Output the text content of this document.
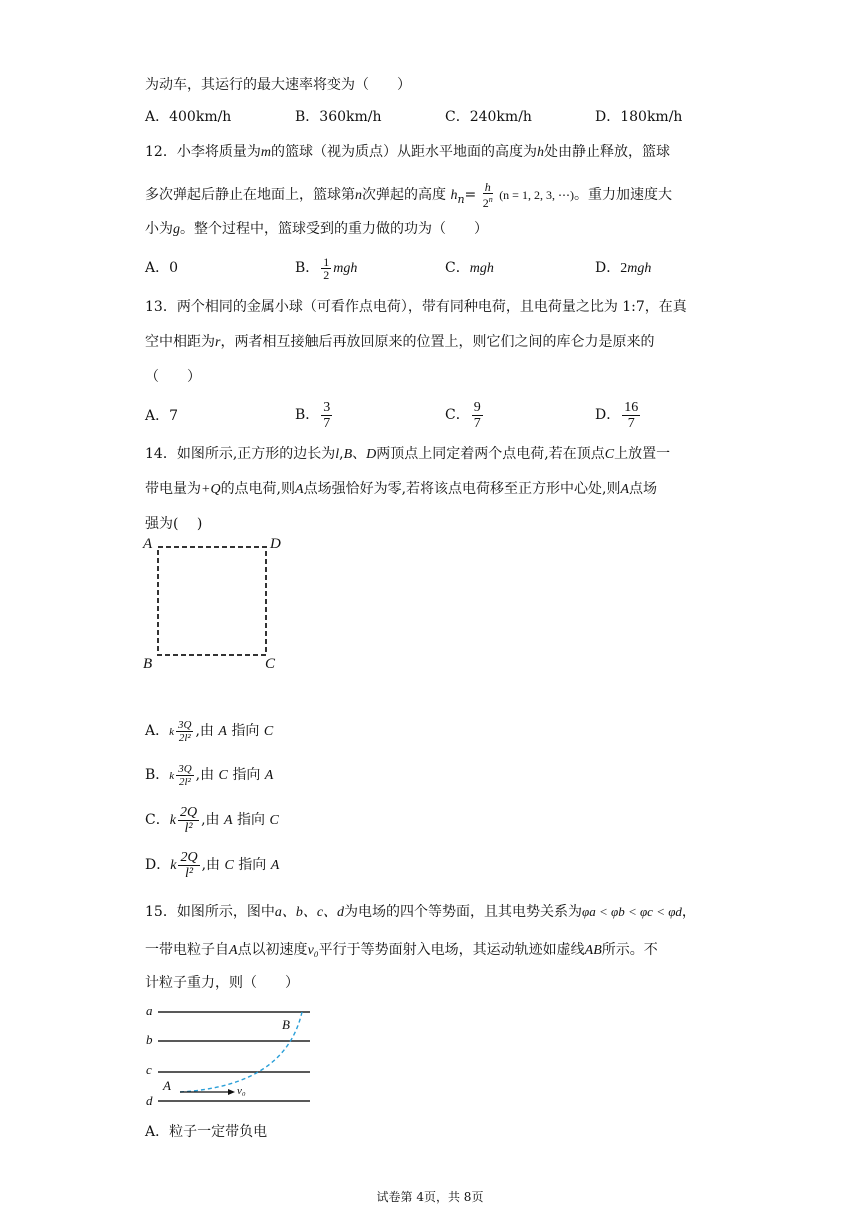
为动车，其运行的最大速率将变为（　　）
A．400km/h	B．360km/h	C．240km/h	D．180km/h
12．小李将质量为m的篮球（视为质点）从距水平地面的高度为h处由静止释放，篮球
多次弹起后静止在地面上，篮球第n次弹起的高度 $h_n= \frac{h}{2^n} (n = 1$, 2, 3, ⋯)。重力加速度大
小为g。整个过程中，篮球受到的重力做的功为（　　）
A．0	B． $\frac{1}{2}$ mgh	C．mgh	D．2mgh
13．两个相同的金属小球（可看作点电荷），带有同种电荷，且电荷量之比为 1:7，在真
空中相距为r，两者相互接触后再放回原来的位置上，则它们之间的库仑力是原来的
（　　）
A．7	B． $\frac{3}{7}$	C． $\frac{9}{7}$	D． $\frac{16}{7}$
14．如图所示,正方形的边长为l,B、D两顶点上同定着两个点电荷,若在顶点C上放置一
带电量为+Q的点电荷,则A点场强恰好为零,若将该点电荷移至正方形中心处,则A点场
强为(　 )
A	D
B	C
A．k $\frac{3Q}{\text{2l²}}$ ,由 A 指向 C
B．k $\frac{3Q}{\text{2l²}}$ ,由 C 指向 A
C．k $\frac{2Q}{\text{l²}}$ ,由 A 指向 C
D．k $\frac{2Q}{\text{l²}}$ ,由 C 指向 A
15．如图所示，图中a、b、c、d为电场的四个等势面，且其电势关系为φa < φb < φc < φd，
一带电粒子自A点以初速度v₀平行于等势面射入电场，其运动轨迹如虚线AB所示。不
计粒子重力，则（　　）
a
b
c
d
A
B
v₀
A．粒子一定带负电
试卷第 4页，共 8页
